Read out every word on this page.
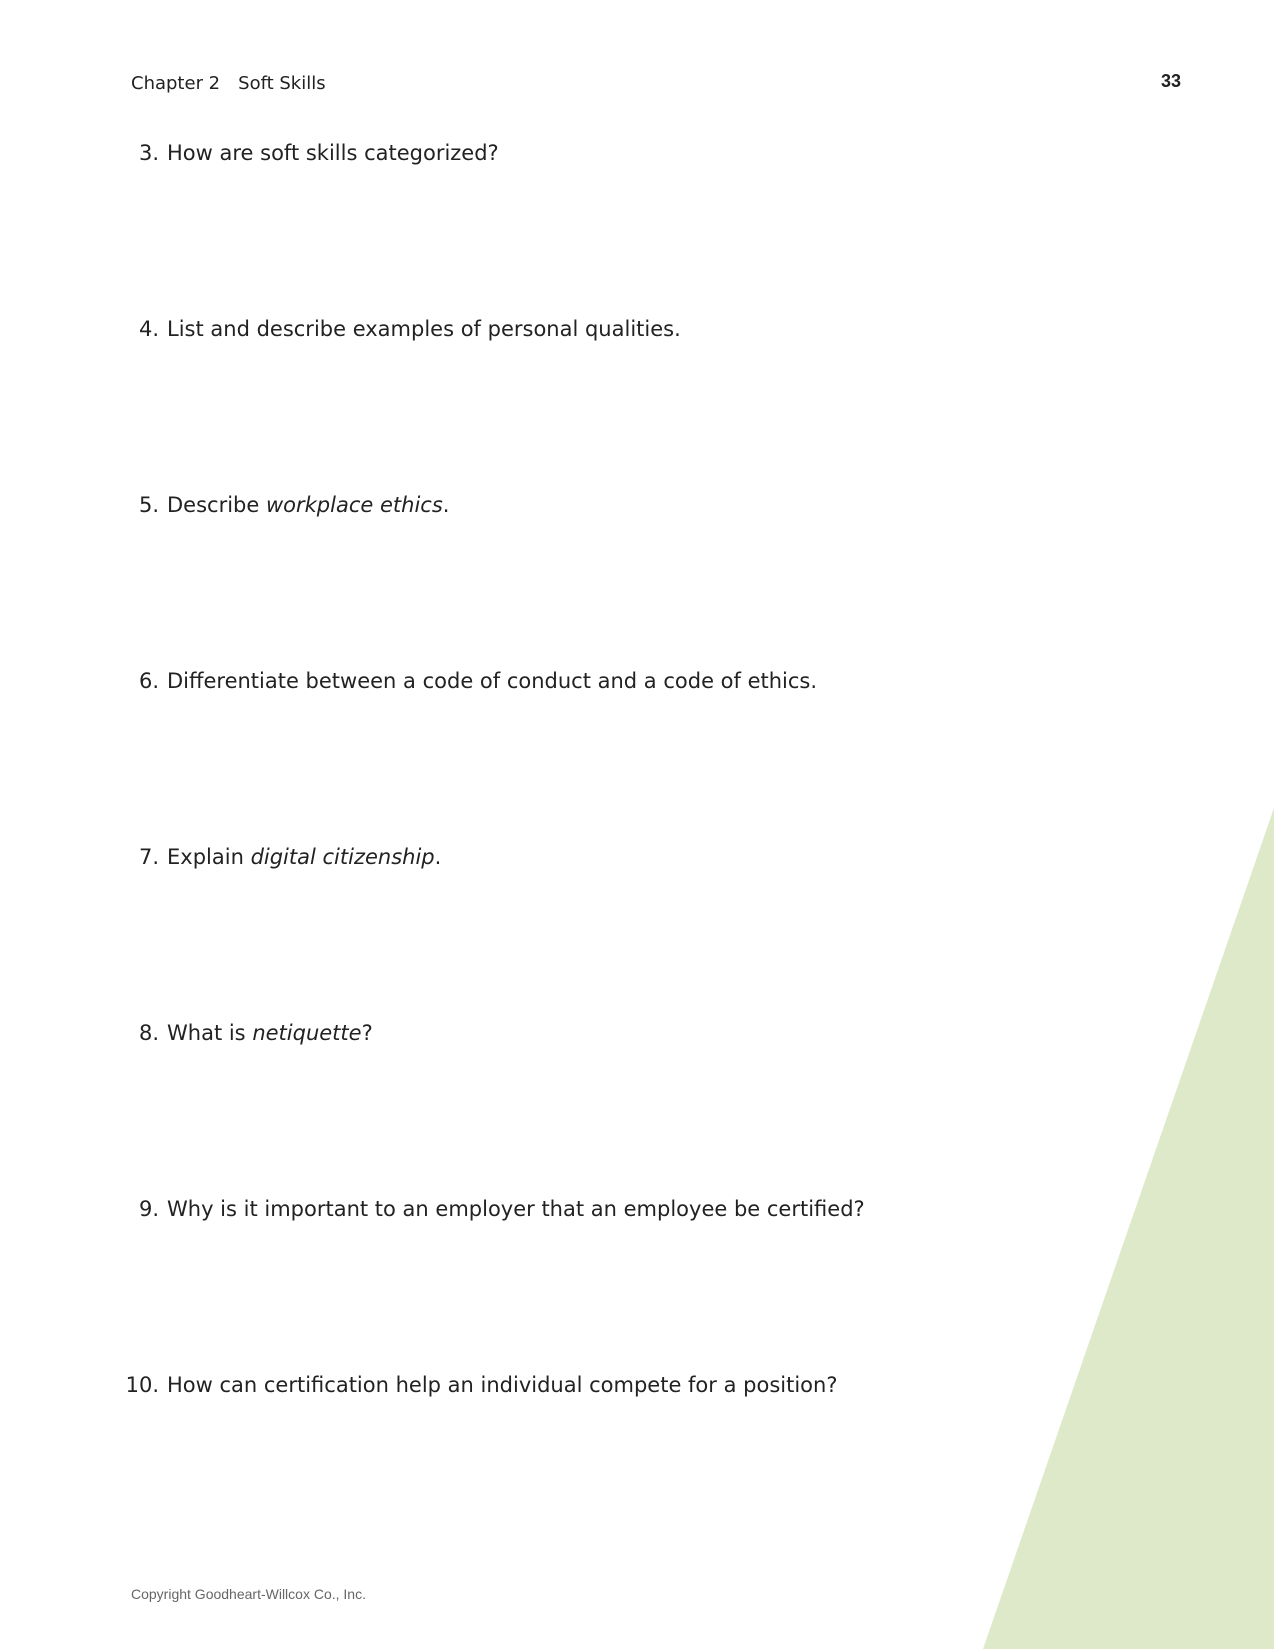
Chapter 2 Soft Skills	33
3. How are soft skills categorized?
4. List and describe examples of personal qualities.
5. Describe workplace ethics.
6. Differentiate between a code of conduct and a code of ethics.
7. Explain digital citizenship.
8. What is netiquette?
9. Why is it important to an employer that an employee be certified?
10. How can certification help an individual compete for a position?
Copyright Goodheart-Willcox Co., Inc.
